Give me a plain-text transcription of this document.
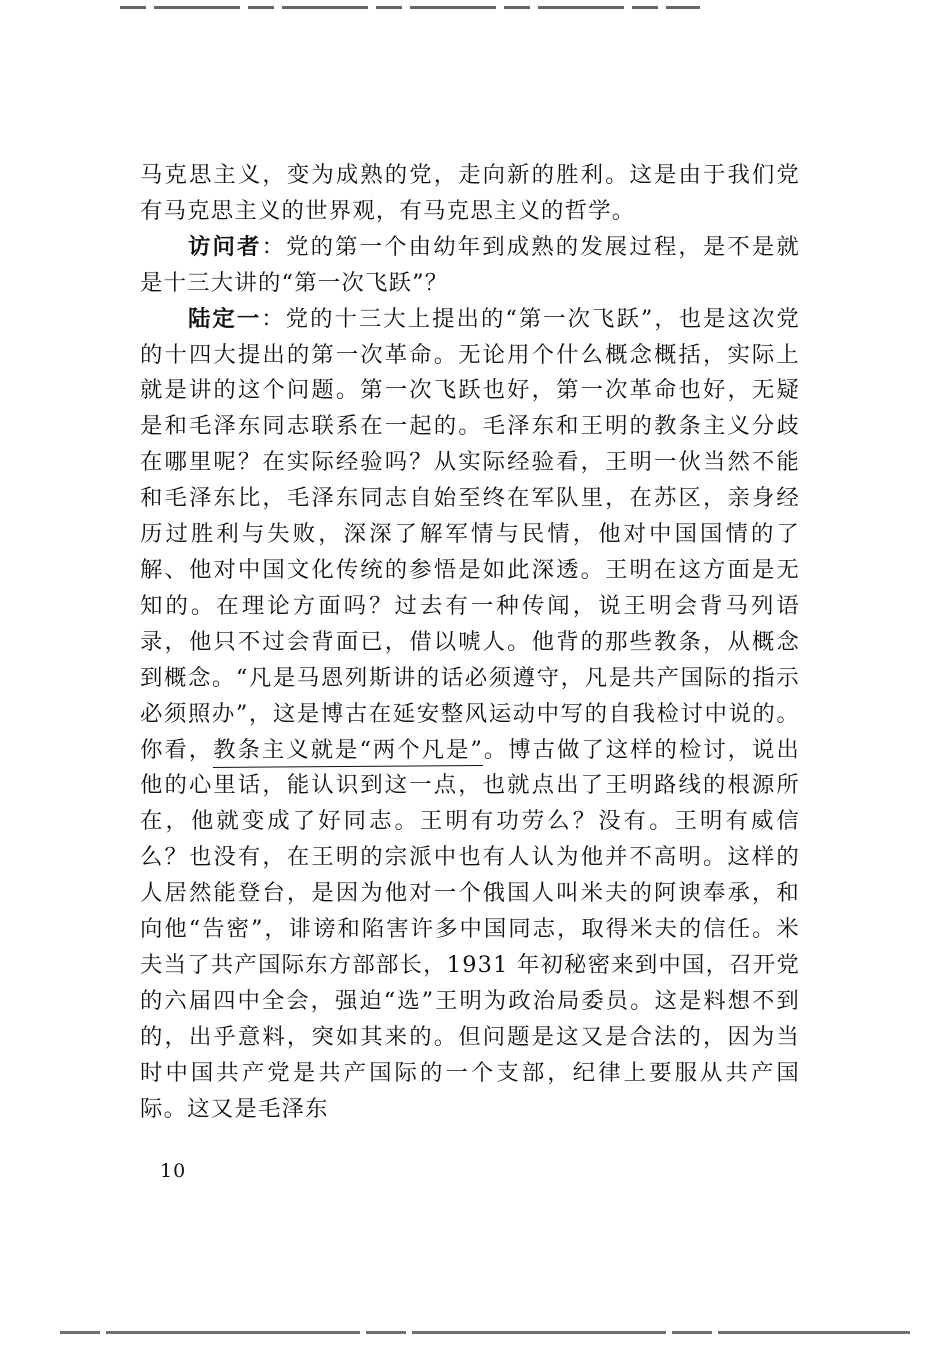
马克思主义，变为成熟的党，走向新的胜利。这是由于我们党有马克思主义的世界观，有马克思主义的哲学。

访问者：党的第一个由幼年到成熟的发展过程，是不是就是十三大讲的“第一次飞跃”？

陆定一：党的十三大上提出的“第一次飞跃”，也是这次党的十四大提出的第一次革命。无论用个什么概念概括，实际上就是讲的这个问题。第一次飞跃也好，第一次革命也好，无疑是和毛泽东同志联系在一起的。毛泽东和王明的教条主义分歧在哪里呢？在实际经验吗？从实际经验看，王明一伙当然不能和毛泽东比，毛泽东同志自始至终在军队里，在苏区，亲身经历过胜利与失败，深深了解军情与民情，他对中国国情的了解、他对中国文化传统的参悟是如此深透。王明在这方面是无知的。在理论方面吗？过去有一种传闻，说王明会背马列语录，他只不过会背面已，借以唬人。他背的那些教条，从概念到概念。“凡是马恩列斯讲的话必须遵守，凡是共产国际的指示必须照办”，这是博古在延安整风运动中写的自我检讨中说的。你看，教条主义就是“两个凡是”。博古做了这样的检讨，说出他的心里话，能认识到这一点，也就点出了王明路线的根源所在，他就变成了好同志。王明有功劳么？没有。王明有威信么？也没有，在王明的宗派中也有人认为他并不高明。这样的人居然能登台，是因为他对一个俄国人叫米夫的阿谀奉承，和向他“告密”，诽谤和陷害许多中国同志，取得米夫的信任。米夫当了共产国际东方部部长，1931 年初秘密来到中国，召开党的六届四中全会，强迫“选”王明为政治局委员。这是料想不到的，出乎意料，突如其来的。但问题是这又是合法的，因为当时中国共产党是共产国际的一个支部，纪律上要服从共产国际。这又是毛泽东

10
